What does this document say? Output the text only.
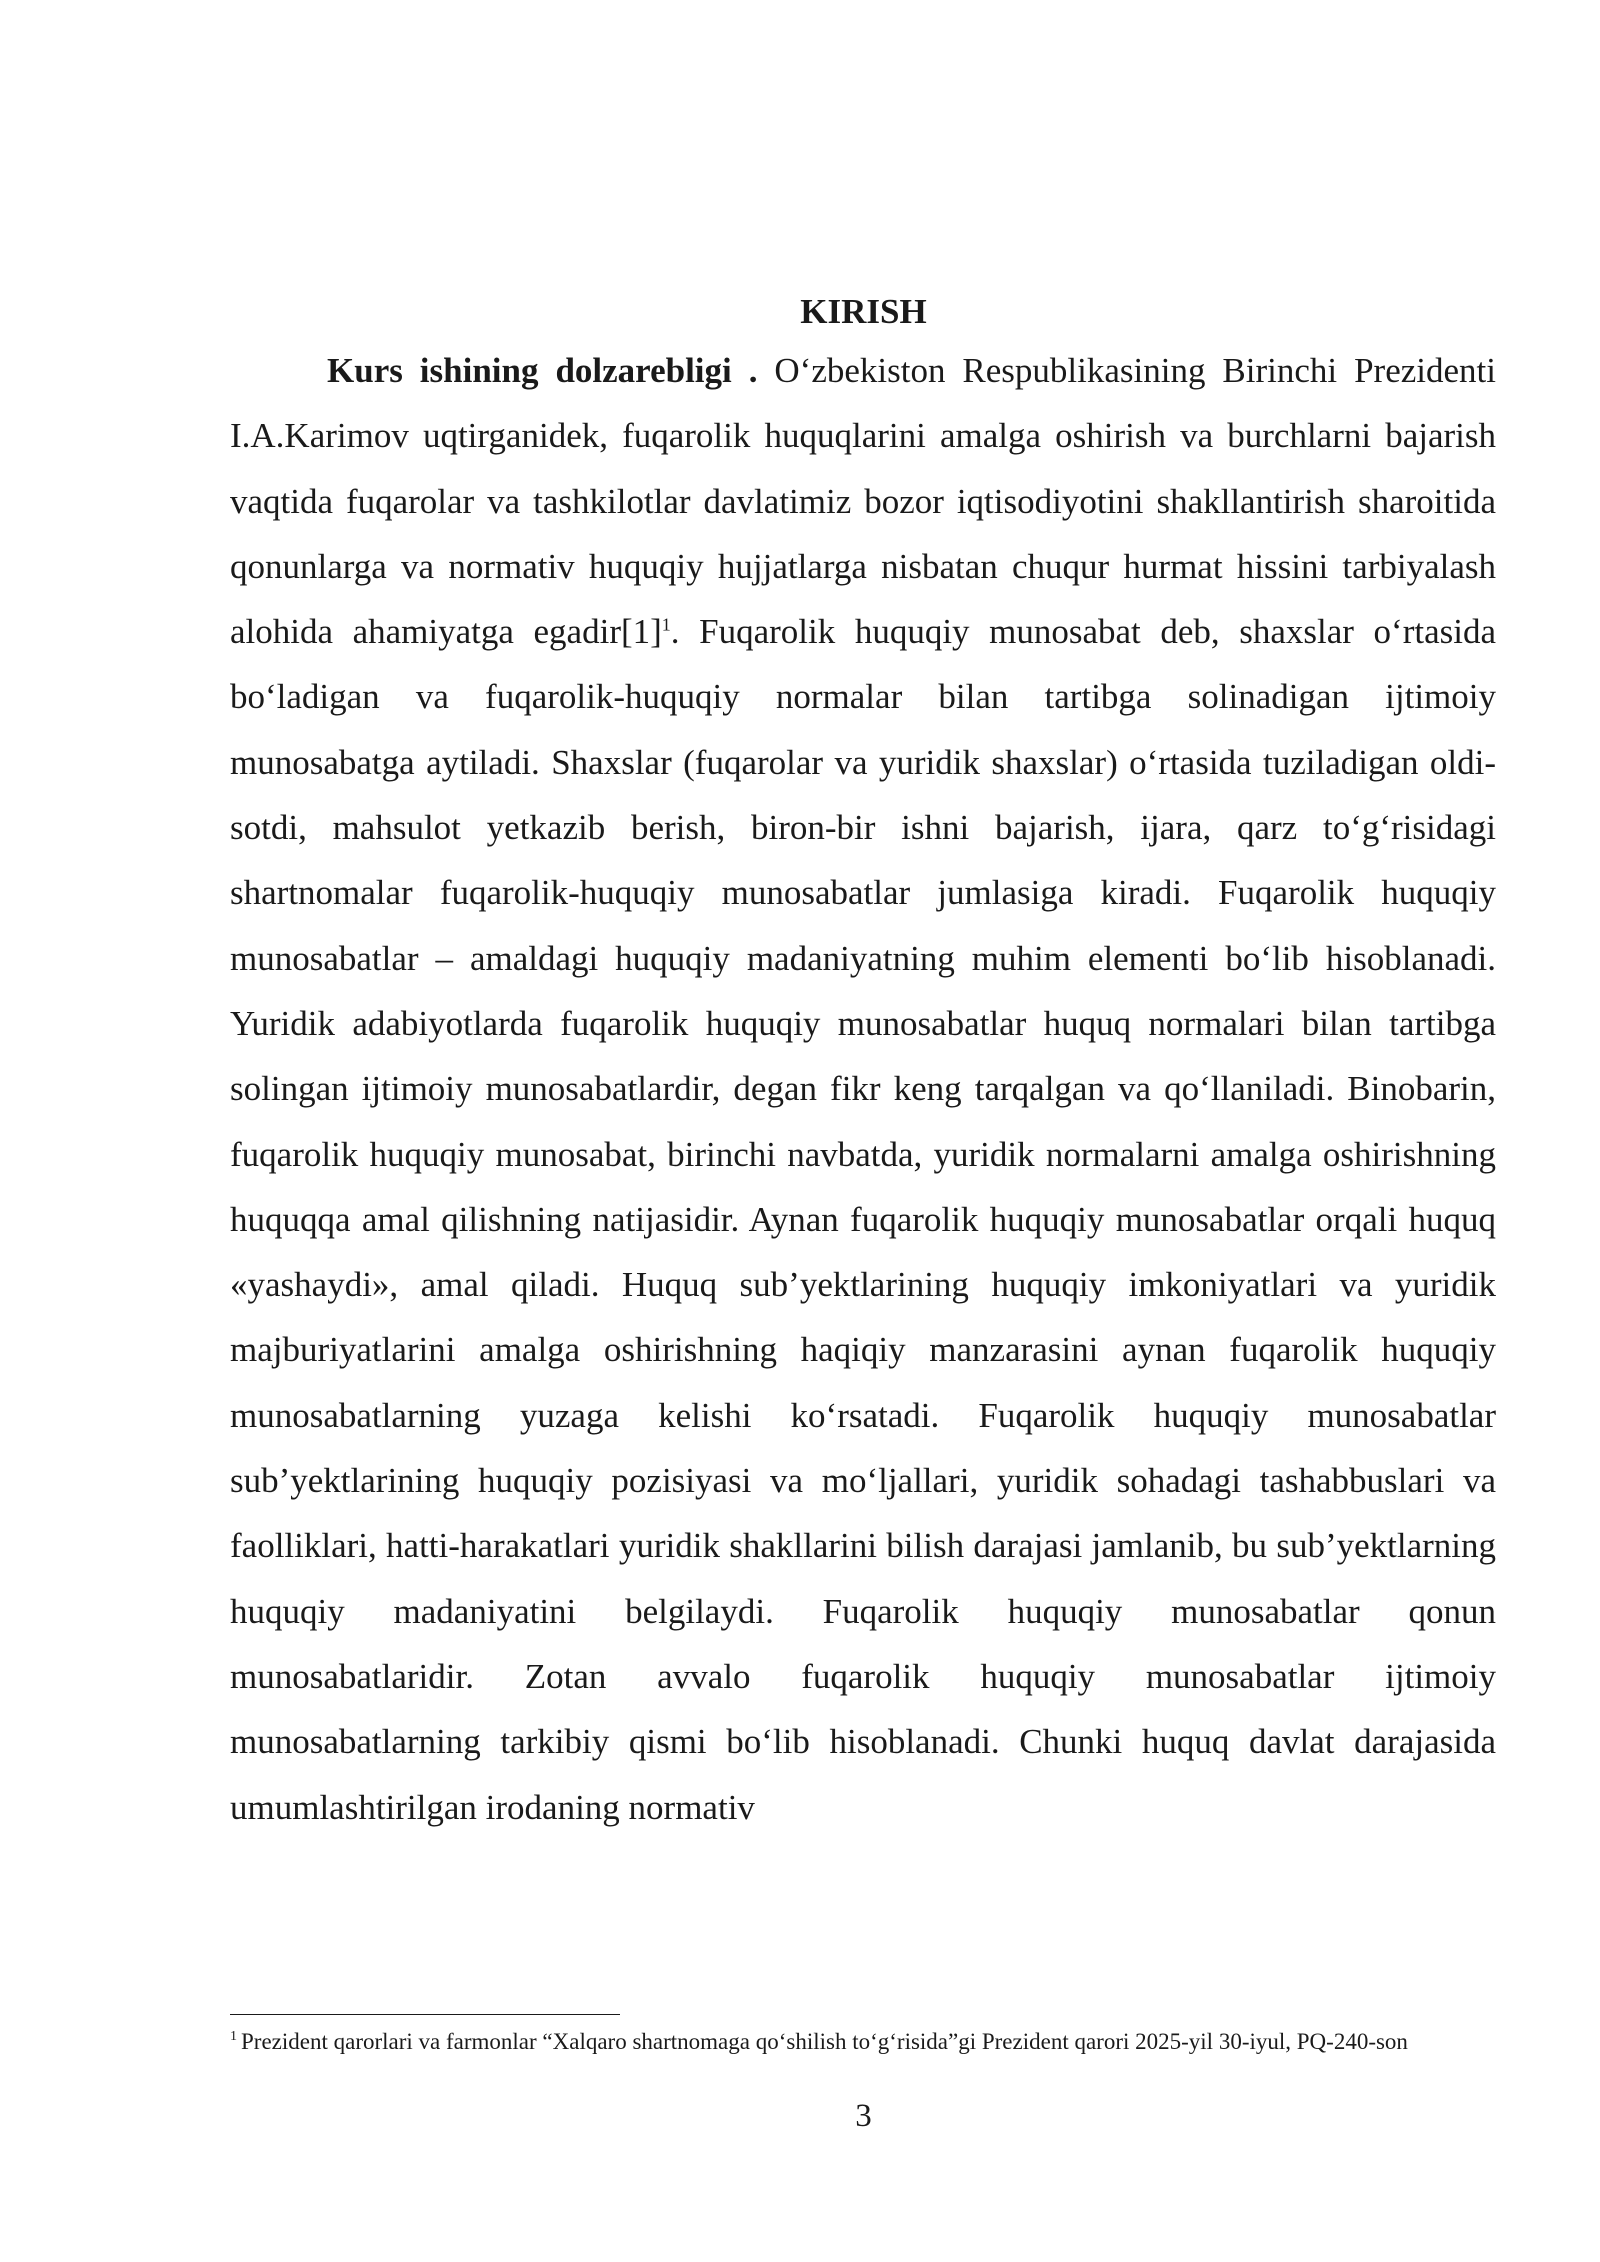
KIRISH

Kurs ishining dolzarebligi . O‘zbekiston Respublikasining Birinchi Prezidenti I.A.Karimov uqtirganidek, fuqarolik huquqlarini amalga oshirish va burchlarni bajarish vaqtida fuqarolar va tashkilotlar davlatimiz bozor iqtisodiyotini shakllantirish sharoitida qonunlarga va normativ huquqiy hujjatlarga nisbatan chuqur hurmat hissini tarbiyalash alohida ahamiyatga $egadir[1]^1$. Fuqarolik huquqiy munosabat deb, shaxslar o‘rtasida bo‘ladigan va fuqarolik-huquqiy normalar bilan tartibga solinadigan ijtimoiy munosabatga aytiladi. Shaxslar (fuqarolar va yuridik shaxslar) o‘rtasida tuziladigan oldi-sotdi, mahsulot yetkazib berish, biron-bir ishni bajarish, ijara, qarz to‘g‘risidagi shartnomalar fuqarolik-huquqiy munosabatlar jumlasiga kiradi. Fuqarolik huquqiy munosabatlar – amaldagi huquqiy madaniyatning muhim elementi bo‘lib hisoblanadi. Yuridik adabiyotlarda fuqarolik huquqiy munosabatlar huquq normalari bilan tartibga solingan ijtimoiy munosabatlardir, degan fikr keng tarqalgan va qo‘llaniladi. Binobarin, fuqarolik huquqiy munosabat, birinchi navbatda, yuridik normalarni amalga oshirishning huquqqa amal qilishning natijasidir. Aynan fuqarolik huquqiy munosabatlar orqali huquq «yashaydi», amal qiladi. Huquq sub’yektlarining huquqiy imkoniyatlari va yuridik majburiyatlarini amalga oshirishning haqiqiy manzarasini aynan fuqarolik huquqiy munosabatlarning yuzaga kelishi ko‘rsatadi. Fuqarolik huquqiy munosabatlar sub’yektlarining huquqiy pozisiyasi va mo‘ljallari, yuridik sohadagi tashabbuslari va faolliklari, hatti-harakatlari yuridik shakllarini bilish darajasi jamlanib, bu sub’yektlarning huquqiy madaniyatini belgilaydi. Fuqarolik huquqiy munosabatlar qonun munosabatlaridir. Zotan avvalo fuqarolik huquqiy munosabatlar ijtimoiy munosabatlarning tarkibiy qismi bo‘lib hisoblanadi. Chunki huquq davlat darajasida umumlashtirilgan irodaning normativ

$^1$ Prezident qarorlari va farmonlar “Xalqaro shartnomaga qo‘shilish to‘g‘risida”gi Prezident qarori 2025-yil 30-iyul, PQ-240-son
3
